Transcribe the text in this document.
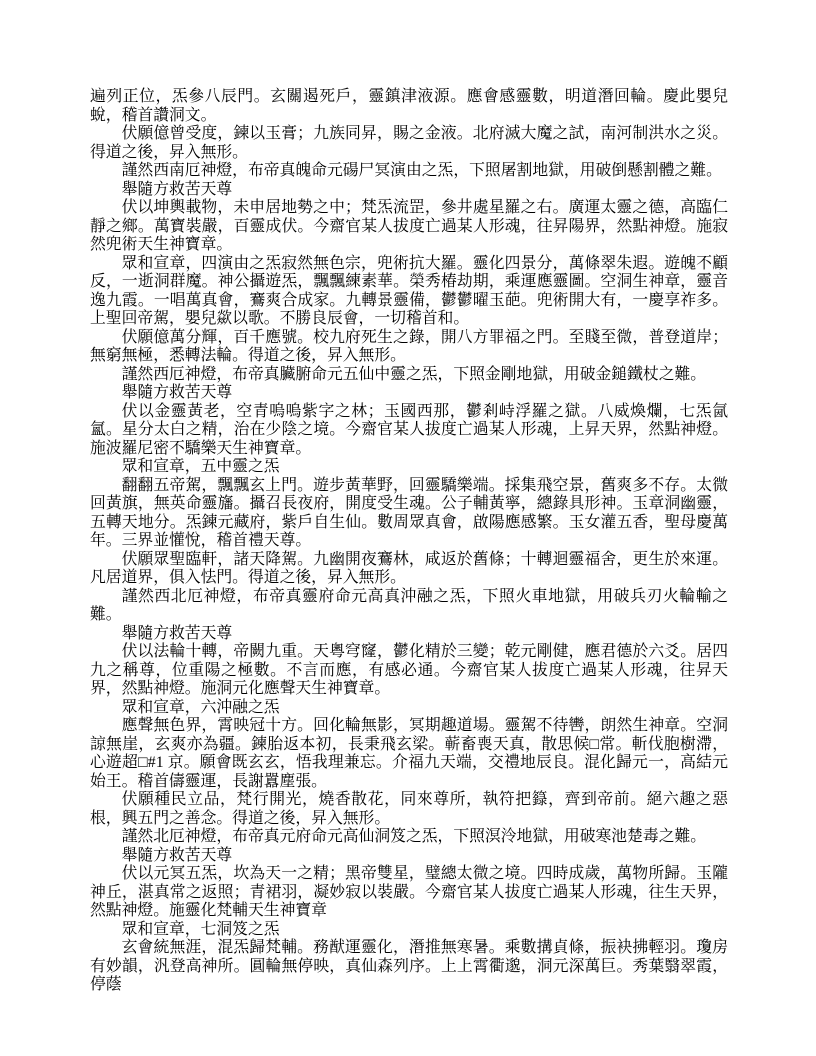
遍列正位，炁參八辰門。玄關遏死戶，靈鎮津液源。應會感靈數，明道潛回輪。慶此嬰兒蛻，稽首讚洞文。

伏願億曾受度，鍊以玉膏；九族同昇，賜之金液。北府滅大魔之試，南河制洪水之災。得道之後，昇入無形。

謹然西南厄神燈，布帝真魄命元碭尸冥演由之炁，下照屠割地獄，用破倒懸割體之難。

舉隨方救苦天尊

伏以坤輿載物，未申居地勢之中；梵炁流罡，參井處星羅之右。廣運太靈之德，高臨仁靜之鄉。萬寶裝嚴，百靈成伏。今齋官某人拔度亡過某人形魂，往昇陽界，然點神燈。施寂然兜術天生神寶章。

眾和宣章，四演由之炁寂然無色宗，兜術抗大羅。靈化四景分，萬條翠朱遐。遊魄不顧反，一逝洞群魔。神公攝遊炁，飄飄練素華。榮秀椿劫期，乘運應靈圖。空洞生神章，靈音逸九霞。一唱萬真會，鶱爽合成家。九轉景靈備，鬱鬱曜玉葩。兜術開大有，一慶享祚多。上聖回帝駕，嬰兒歘以歌。不勝良辰會，一切稽首和。

伏願億萬分輝，百千應號。校九府死生之錄，開八方罪福之門。至賤至微，普登道岸；無窮無極，悉轉法輪。得道之後，昇入無形。

謹然西厄神燈，布帝真臟腑命元五仙中靈之炁，下照金剛地獄，用破金鎚鐵杖之難。

舉隨方救苦天尊

伏以金靈黃老，空青嗚嗚紫字之林；玉國西那，鬱剎峙浮羅之獄。八威煥爛，七炁氤氳。星分太白之精，治在少陰之境。今齋官某人拔度亡過某人形魂，上昇天界，然點神燈。施波羅尼密不驕樂天生神寶章。

眾和宣章，五中靈之炁

翻翻五帝駕，飄飄玄上門。遊步黃華野，回靈驕樂端。採集飛空景，舊爽多不存。太微回黃旗，無英命靈旛。攝召長夜府，開度受生魂。公子輔黃寧，總錄具形神。玉章洞幽靈，五轉天地分。炁鍊元藏府，紫戶自生仙。數周眾真會，啟陽應感繁。玉女灌五香，聖母慶萬年。三界並懽悅，稽首禮天尊。

伏願眾聖臨軒，諸天降駕。九幽開夜鶱林，咸返於舊條；十轉迴靈福舍，更生於來運。凡居道界，俱入怯門。得道之後，昇入無形。

謹然西北厄神燈，布帝真靈府命元高真沖融之炁，下照火車地獄，用破兵刃火輪輸之難。

舉隨方救苦天尊

伏以法輪十轉，帝闕九重。天粵穹窿，鬱化精於三變；乾元剛健，應君德於六爻。居四九之稱尊，位重陽之極數。不言而應，有感必通。今齋官某人拔度亡過某人形魂，往昇天界，然點神燈。施洞元化應聲天生神寶章。

眾和宣章，六沖融之炁

應聲無色界，霄映冠十方。回化輪無影，冥期趣道場。靈駕不待轡，朗然生神章。空洞諒無崖，玄爽亦為疆。鍊胎返本初，長秉飛玄梁。蕲畜喪天真，散思候□常。斬伐胞樹滯，心遊超□#1 京。願會既玄玄，悟我理兼忘。介福九天端，交禮地辰良。混化歸元一，高結元始王。稽首儔靈運，長謝囂塵張。

伏願種民立品，梵行開光，燒香散花，同來尊所，執符把籙，齊到帝前。絕六趣之惡根，興五門之善念。得道之後，昇入無形。

謹然北厄神燈，布帝真元府命元高仙洞笈之炁，下照溟泠地獄，用破寒池楚毒之難。

舉隨方救苦天尊

伏以元冥五炁，坎為天一之精；黑帝雙星，璧總太微之境。四時成歲，萬物所歸。玉隴神丘，湛真常之返照；青裙羽，凝妙寂以裝嚴。今齋官某人拔度亡過某人形魂，往生天界，然點神燈。施靈化梵輔天生神寶章

眾和宣章，七洞笈之炁

玄會統無涯，混炁歸梵輔。務猷運靈化，潛推無寒暑。乘數搆貞條，振袂拂輕羽。瓊房有妙韻，汎登高神所。圓輪無停映，真仙森列序。上上霄衢邈，洞元深萬巨。秀葉翳翠霞，停蔭
